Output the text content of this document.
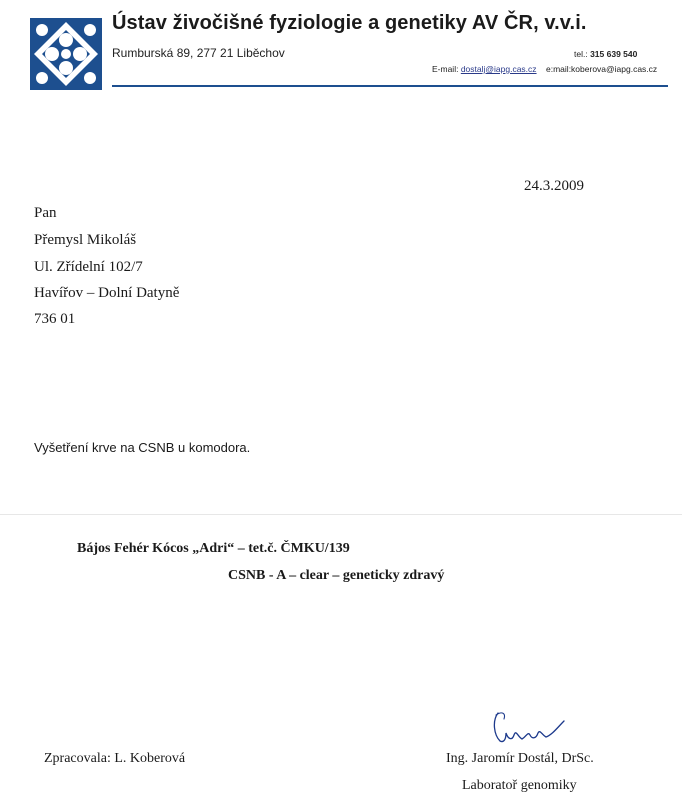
Ústav živočišné fyziologie a genetiky AV ČR, v.v.i.
Rumburská 89, 277 21 Liběchov	tel.: 315 639 540
E-mail: dostalj@iapg.cas.cz e:mail:koberova@iapg.cas.cz
24.3.2009
Pan
Přemysl Mikoláš
Ul. Zřídelní 102/7
Havířov – Dolní Datyně
736 01
Vyšetření krve na CSNB u komodora.
Bájos Fehér Kócos „Adri“ – tet.č. ČMKU/139
CSNB - A – clear – geneticky zdravý
Zpracovala: L. Koberová	Ing. Jaromír Dostál, DrSc.
Laboratoř genomiky
